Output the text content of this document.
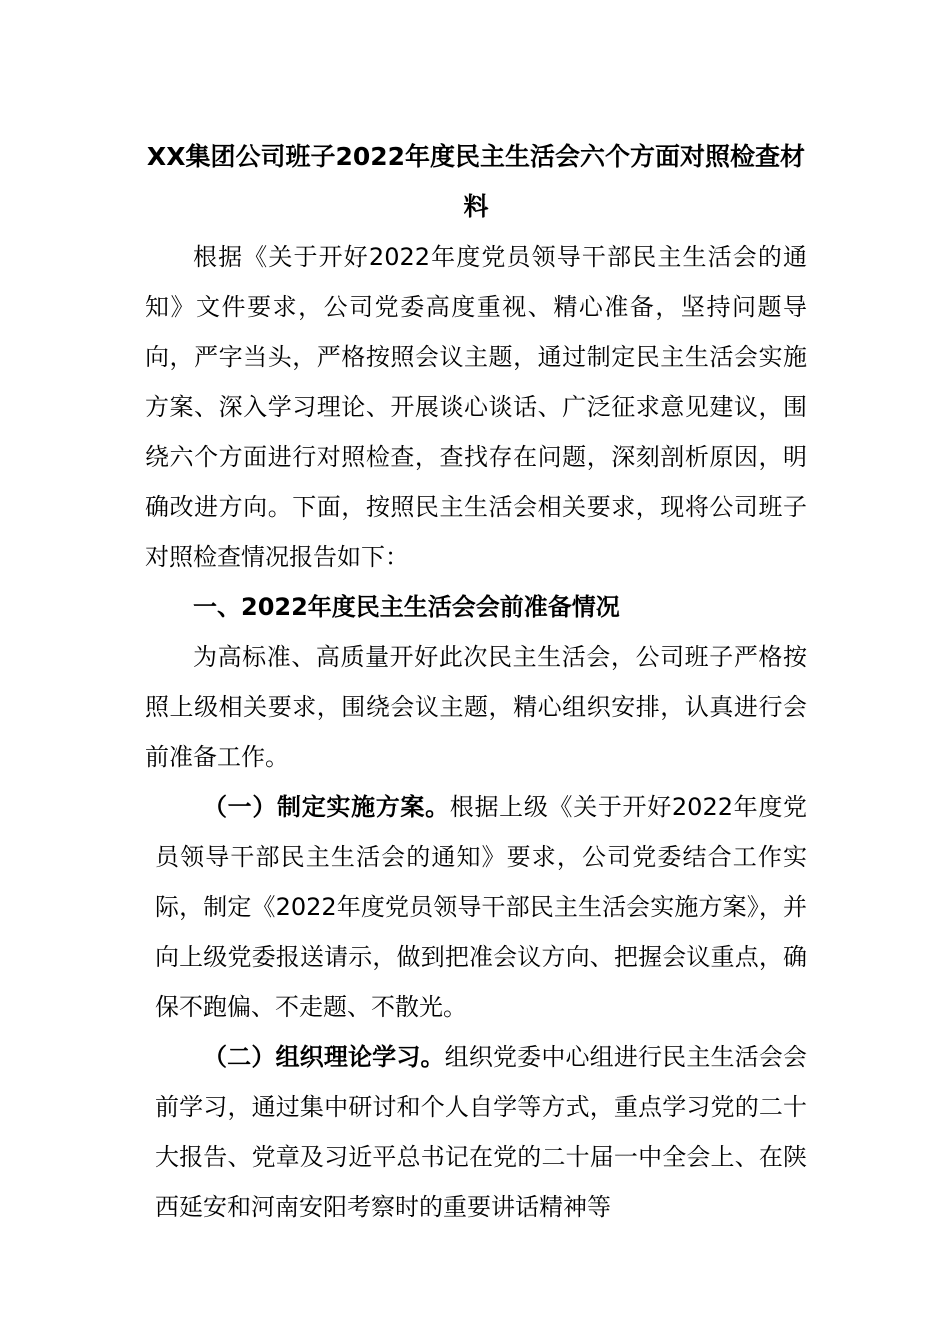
XX集团公司班子2022年度民主生活会六个方面对照检查材料

根据《关于开好2022年度党员领导干部民主生活会的通知》文件要求，公司党委高度重视、精心准备，坚持问题导向，严字当头，严格按照会议主题，通过制定民主生活会实施方案、深入学习理论、开展谈心谈话、广泛征求意见建议，围绕六个方面进行对照检查，查找存在问题，深刻剖析原因，明确改进方向。下面，按照民主生活会相关要求，现将公司班子对照检查情况报告如下：

一、2022年度民主生活会会前准备情况

为高标准、高质量开好此次民主生活会，公司班子严格按照上级相关要求，围绕会议主题，精心组织安排，认真进行会前准备工作。

（一）制定实施方案。根据上级《关于开好2022年度党员领导干部民主生活会的通知》要求，公司党委结合工作实际，制定《2022年度党员领导干部民主生活会实施方案》，并向上级党委报送请示，做到把准会议方向、把握会议重点，确保不跑偏、不走题、不散光。

（二）组织理论学习。组织党委中心组进行民主生活会会前学习，通过集中研讨和个人自学等方式，重点学习党的二十大报告、党章及习近平总书记在党的二十届一中全会上、在陕西延安和河南安阳考察时的重要讲话精神等
